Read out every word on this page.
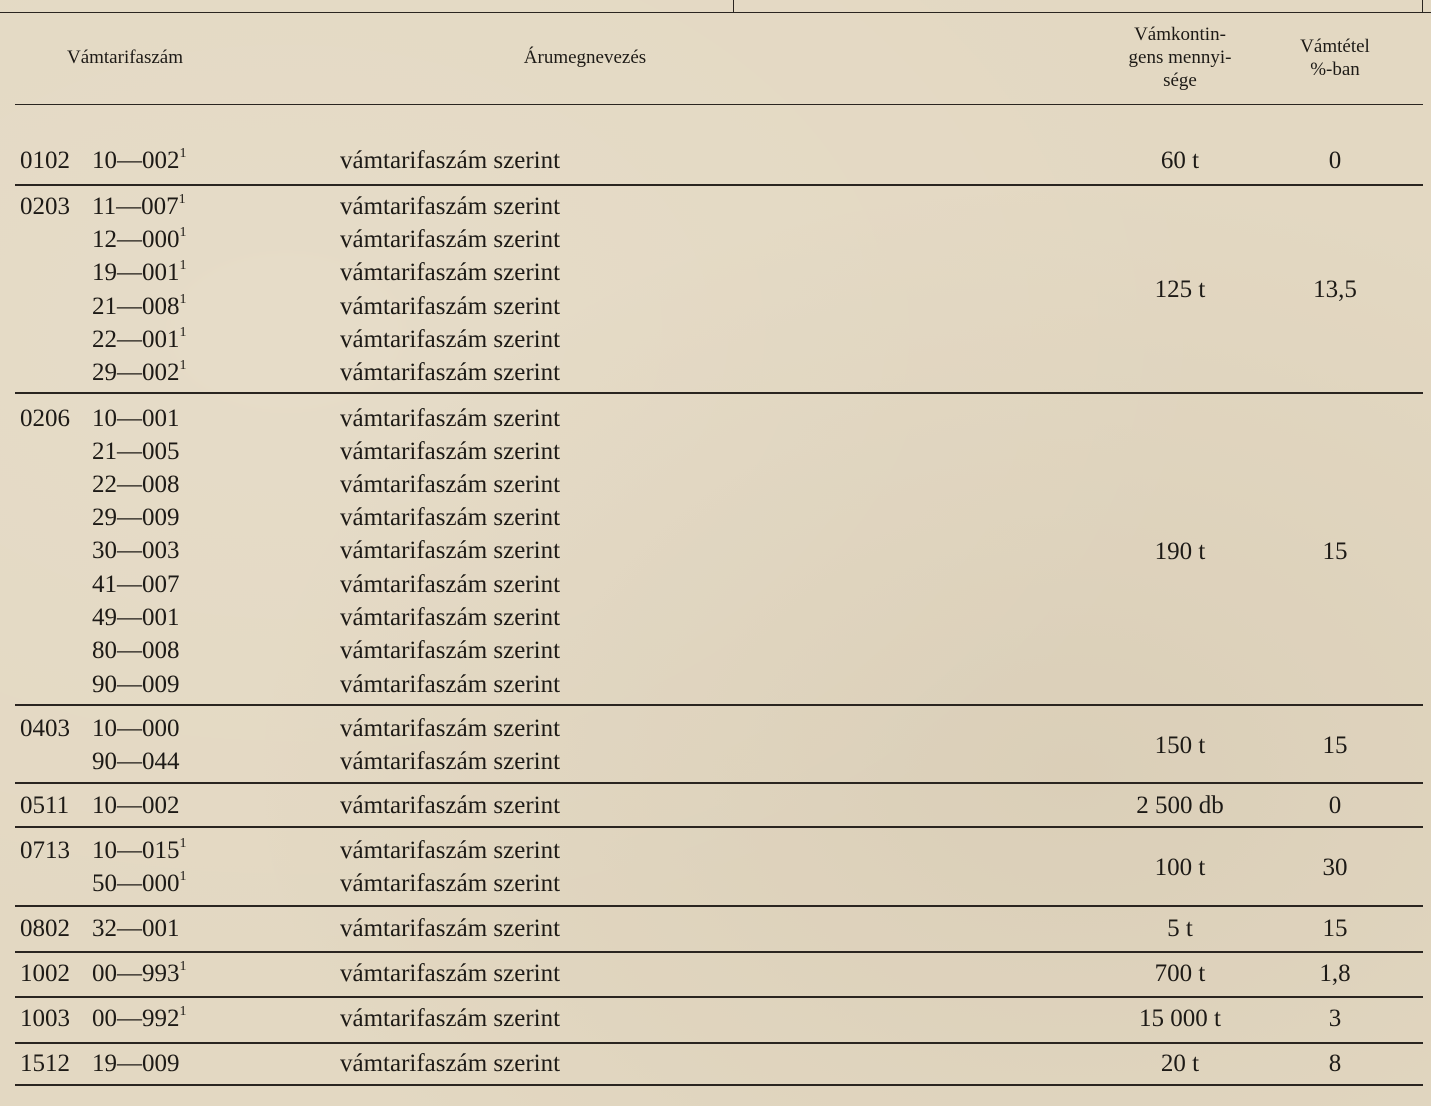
Vámtarifaszám	Árumegnevezés
Vámkontin-
gens mennyi-
sége
Vámtétel
%-ban
0102 $10—002^1$	vámtarifaszám szerint	60 t	0
0203 $11—007^1$	vámtarifaszám szerint
$12—000^1$	vámtarifaszám szerint
$19—001^1$	vámtarifaszám szerint
$21—008^1$	vámtarifaszám szerint
$22—001^1$	vámtarifaszám szerint
$29—002^1$	vámtarifaszám szerint
125 t	13,5
0206 10—001	vámtarifaszám szerint
21—005	vámtarifaszám szerint
22—008	vámtarifaszám szerint
29—009	vámtarifaszám szerint
30—003	vámtarifaszám szerint
41—007	vámtarifaszám szerint
49—001	vámtarifaszám szerint
80—008	vámtarifaszám szerint
90—009	vámtarifaszám szerint
190 t	15
0403 10—000	vámtarifaszám szerint
90—044	vámtarifaszám szerint
150 t	15
0511 10—002	vámtarifaszám szerint	2 500 db	0
0713 $10—015^1$	vámtarifaszám szerint
$50—000^1$	vámtarifaszám szerint
100 t	30
0802 32—001	vámtarifaszám szerint	5 t	15
1002 $00—993^1$	vámtarifaszám szerint	700 t	1,8
1003 $00—992^1$	vámtarifaszám szerint	15 000 t	3
1512 19—009	vámtarifaszám szerint	20 t	8
